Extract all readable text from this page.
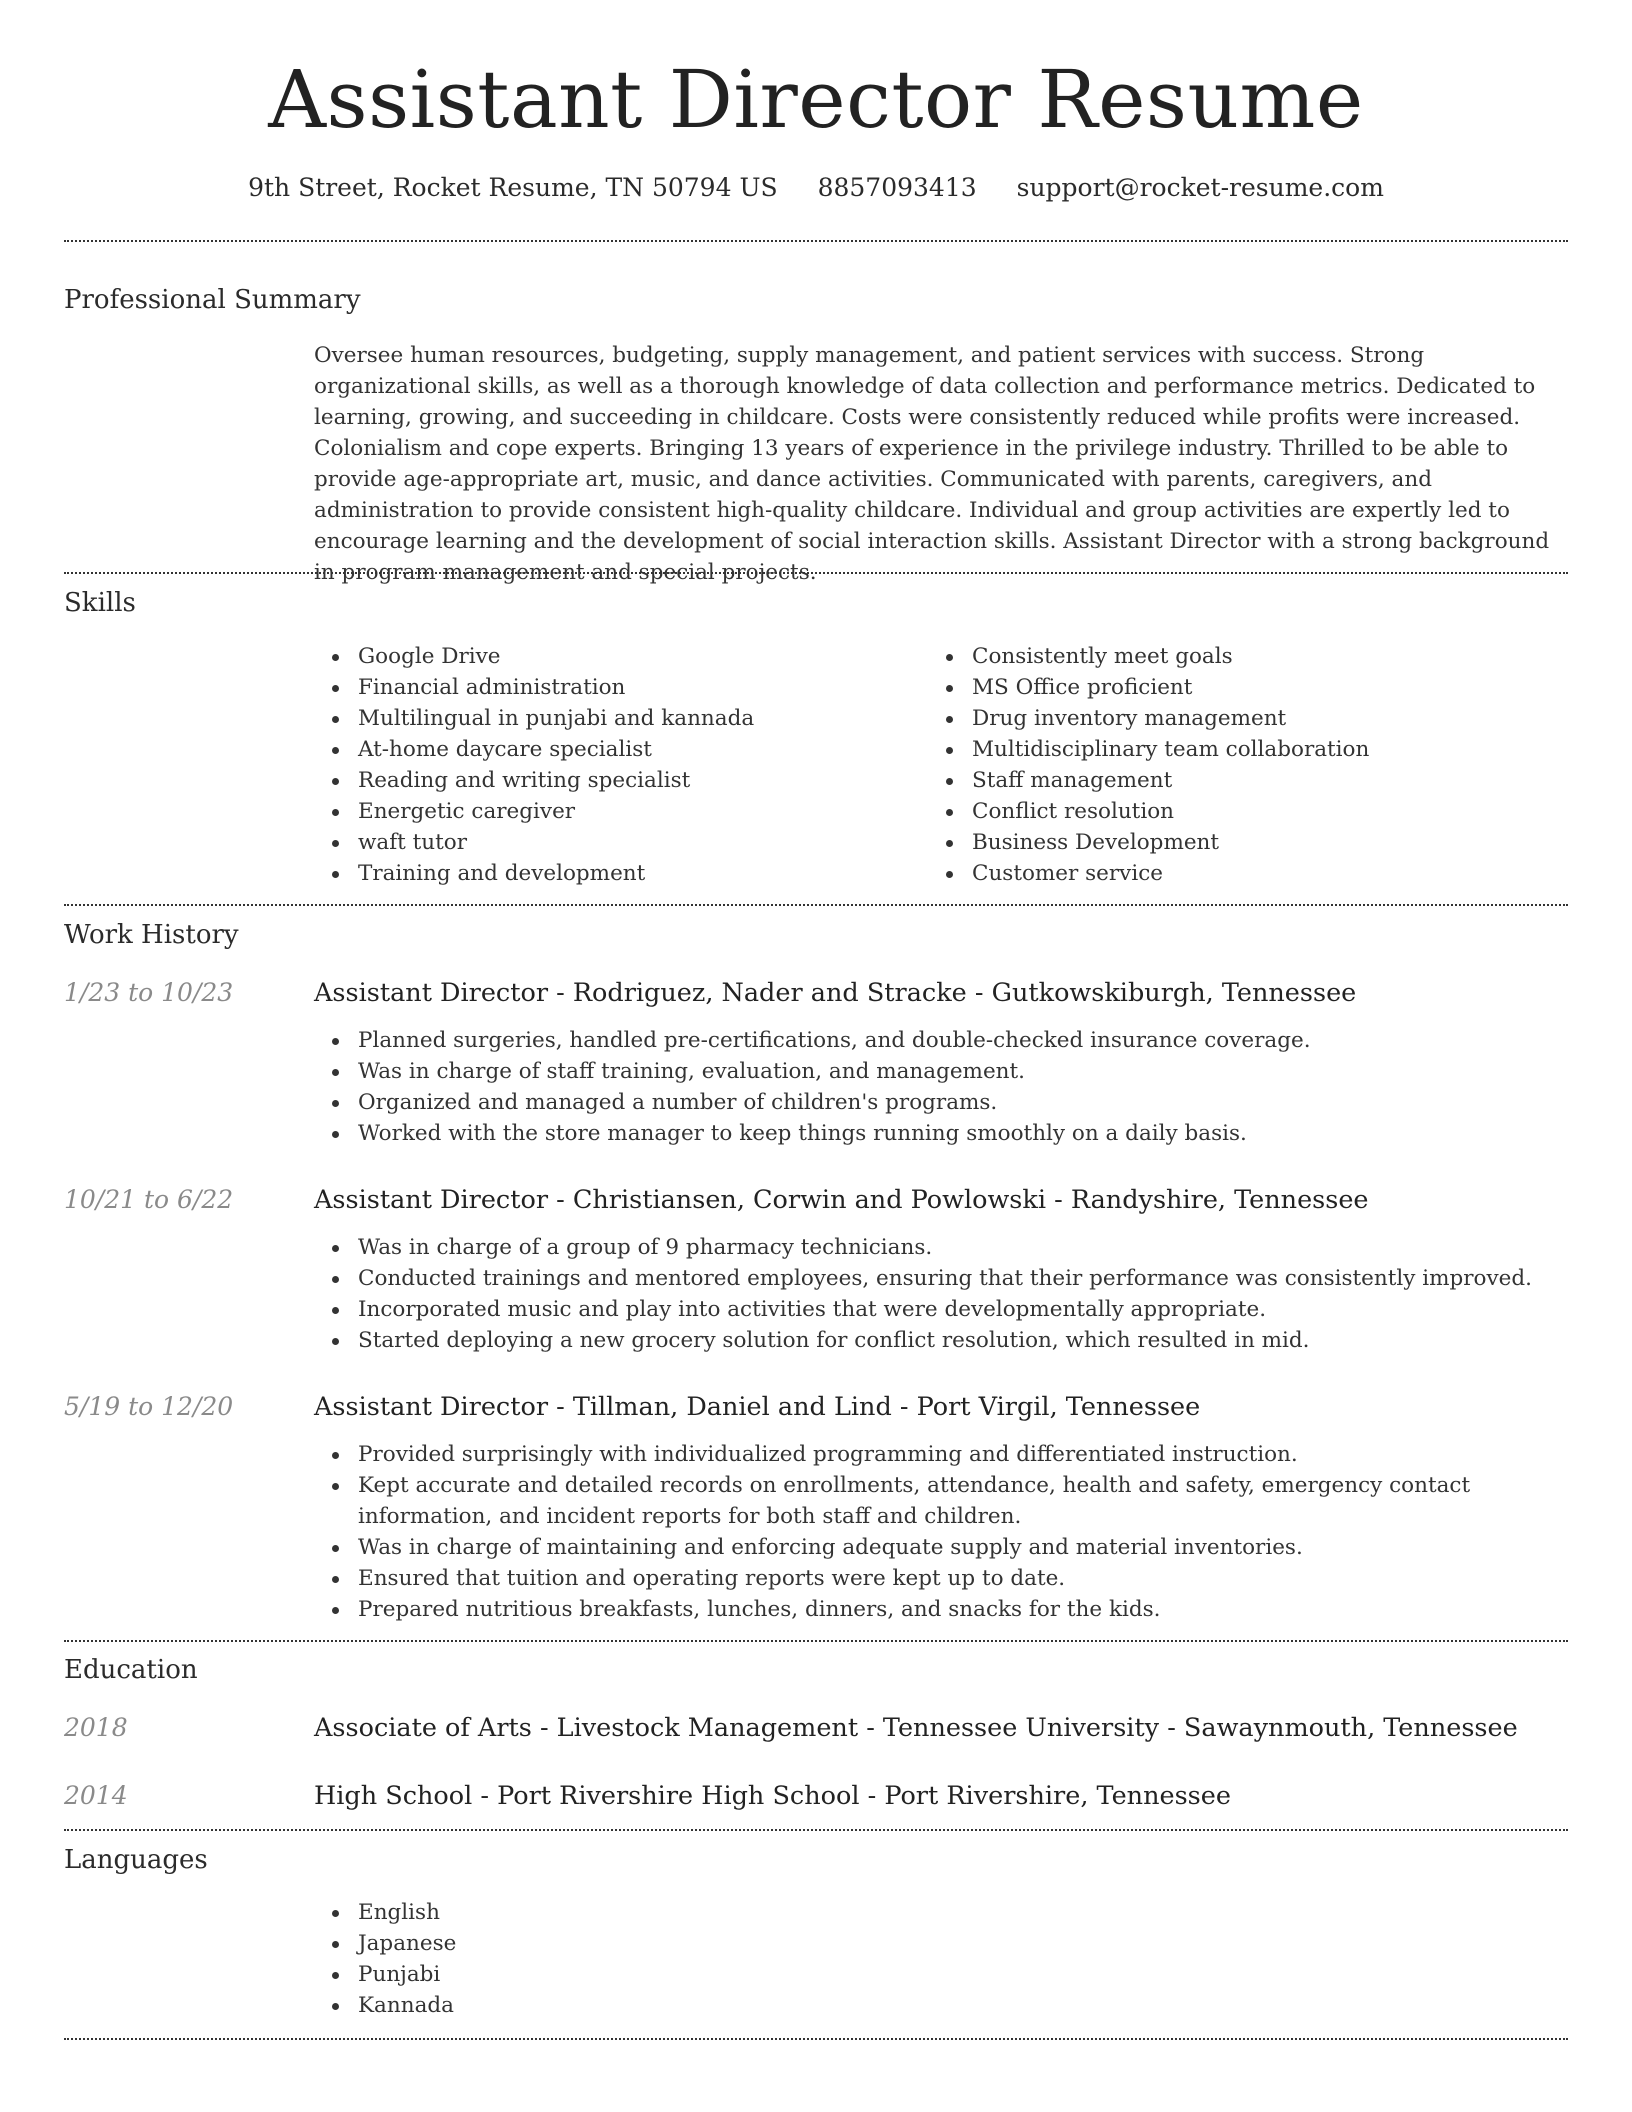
Assistant Director Resume
9th Street, Rocket Resume, TN 50794 US 8857093413 support@rocket-resume.com
Professional Summary

Oversee human resources, budgeting, supply management, and patient services with success. Strong organizational skills, as well as a thorough knowledge of data collection and performance metrics. Dedicated to learning, growing, and succeeding in childcare. Costs were consistently reduced while profits were increased. Colonialism and cope experts. Bringing 13 years of experience in the privilege industry. Thrilled to be able to provide age-appropriate art, music, and dance activities. Communicated with parents, caregivers, and administration to provide consistent high-quality childcare. Individual and group activities are expertly led to encourage learning and the development of social interaction skills. Assistant Director with a strong background in program management and special projects.

Skills
Google Drive
Financial administration
Multilingual in punjabi and kannada
At-home daycare specialist
Reading and writing specialist
Energetic caregiver
waft tutor
Training and development
Consistently meet goals
MS Office proficient
Drug inventory management
Multidisciplinary team collaboration
Staff management
Conflict resolution
Business Development
Customer service
Work History
1/23 to 10/23	Assistant Director - Rodriguez, Nader and Stracke - Gutkowskiburgh, Tennessee
Planned surgeries, handled pre-certifications, and double-checked insurance coverage.
Was in charge of staff training, evaluation, and management.
Organized and managed a number of children's programs.
Worked with the store manager to keep things running smoothly on a daily basis.
10/21 to 6/22	Assistant Director - Christiansen, Corwin and Powlowski - Randyshire, Tennessee
Was in charge of a group of 9 pharmacy technicians.
Conducted trainings and mentored employees, ensuring that their performance was consistently improved.
Incorporated music and play into activities that were developmentally appropriate.
Started deploying a new grocery solution for conflict resolution, which resulted in mid.
5/19 to 12/20	Assistant Director - Tillman, Daniel and Lind - Port Virgil, Tennessee
Provided surprisingly with individualized programming and differentiated instruction.
Kept accurate and detailed records on enrollments, attendance, health and safety, emergency contact information, and incident reports for both staff and children.
Was in charge of maintaining and enforcing adequate supply and material inventories.
Ensured that tuition and operating reports were kept up to date.
Prepared nutritious breakfasts, lunches, dinners, and snacks for the kids.
Education
2018	Associate of Arts - Livestock Management - Tennessee University - Sawaynmouth, Tennessee
2014	High School - Port Rivershire High School - Port Rivershire, Tennessee
Languages
English
Japanese
Punjabi
Kannada
